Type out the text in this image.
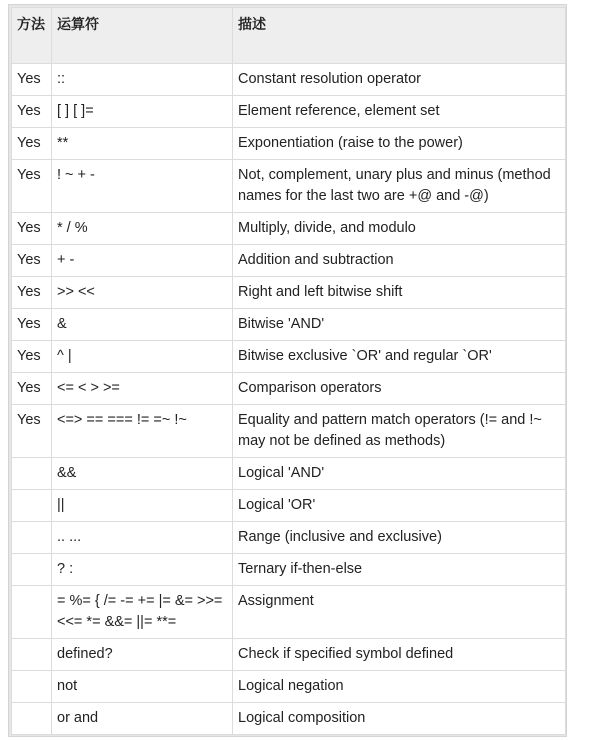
方法	运算符	描述
Yes	::	Constant resolution operator
Yes	[ ] [ ]=	Element reference, element set
Yes	**	Exponentiation (raise to the power)
Yes	! ~ + -	Not, complement, unary plus and minus (method names for the last two are +@ and -@)
Yes	* / %	Multiply, divide, and modulo
Yes	+ -	Addition and subtraction
Yes	>> <<	Right and left bitwise shift
Yes	&	Bitwise 'AND'
Yes	^ |	Bitwise exclusive `OR' and regular `OR'
Yes	<= < > >=	Comparison operators
Yes	<=> == === != =~ !~	Equality and pattern match operators (!= and !~ may not be defined as methods)
	&&	Logical 'AND'
	||	Logical 'OR'
	.. ...	Range (inclusive and exclusive)
	? :	Ternary if-then-else
	= %= { /= -= += |= &= >>= <<= *= &&= ||= **=	Assignment
	defined?	Check if specified symbol defined
	not	Logical negation
	or and	Logical composition
